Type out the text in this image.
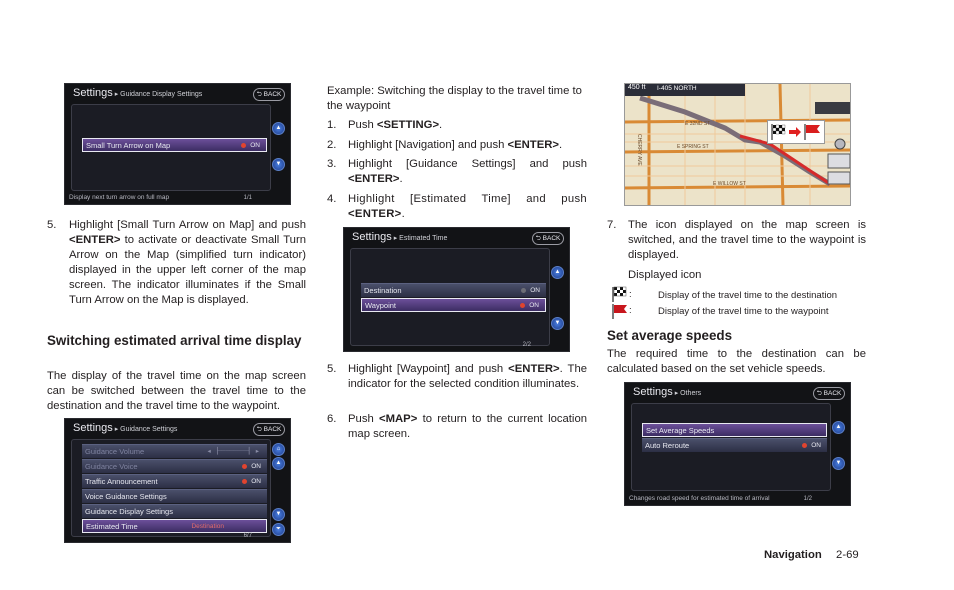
Settings ▸ Guidance Display Settings	⮌ BACK
Small Turn Arrow on Map	ON
▲
▼
1/1
Display next turn arrow on full map
5. Highlight [Small Turn Arrow on Map] and push <ENTER> to activate or deactivate Small Turn Arrow on the Map (simplified turn indicator) displayed in the upper left corner of the map screen. The indicator illuminates if the Small Turn Arrow on the Map is displayed.
Switching estimated arrival time display
The display of the travel time on the map screen can be switched between the travel time to the destination and the travel time to the waypoint.
Settings ▸ Guidance Settings	⮌ BACK
Guidance Volume	◂ ▕┈┈┈┈┈┈┈┈▏ ▸
Guidance Voice	ON
Traffic Announcement	ON
Voice Guidance Settings
Guidance Display Settings
Estimated Time	Destination
⌂
▲
▼
⏷
6/7
Example: Switching the display to the travel time to the waypoint
1. Push <SETTING>.
2. Highlight [Navigation] and push <ENTER>.
3. Highlight [Guidance Settings] and push <ENTER>.
4. Highlight [Estimated Time] and push <ENTER>.
Settings ▸ Estimated Time	⮌ BACK
Destination	ON
Waypoint	ON
▲
▼
2/2
5. Highlight [Waypoint] and push <ENTER>. The indicator for the selected condition illuminates.
6. Push <MAP> to return to the current location map screen.
450 ft I-405 NORTH
E SPRING ST
E WILLOW ST
E 32ND ST
CHERRY AVE
7. The icon displayed on the map screen is switched, and the travel time to the waypoint is displayed.
Displayed icon
:	Display of the travel time to the destination
:	Display of the travel time to the waypoint
Set average speeds
The required time to the destination can be calculated based on the set vehicle speeds.
Settings ▸ Others	⮌ BACK
Set Average Speeds
Auto Reroute	ON
▲
▼
1/2
Changes road speed for estimated time of arrival
Navigation 2-69
